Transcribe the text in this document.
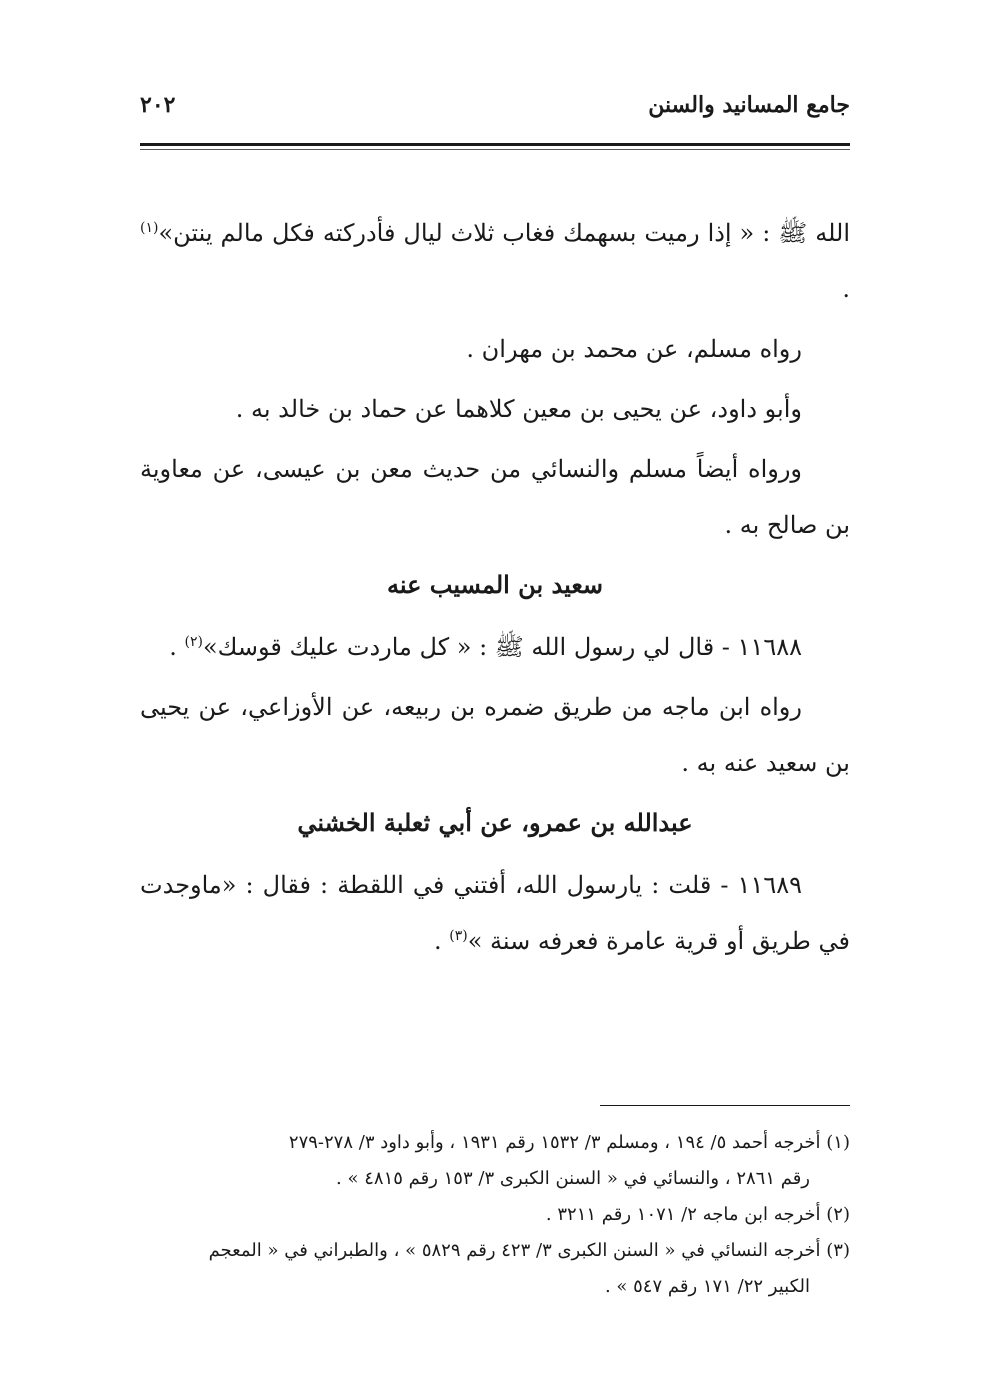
جامع المسانيد والسنن
٢٠٢

الله ﷺ : « إذا رميت بسهمك فغاب ثلاث ليال فأدركته فكل مالم ينتن»$^{(١)}$ .

رواه مسلم، عن محمد بن مهران .

وأبو داود، عن يحيى بن معين كلاهما عن حماد بن خالد به .

ورواه أيضاً مسلم والنسائي من حديث معن بن عيسى، عن معاوية بن صالح به .

سعيد بن المسيب عنه

١١٦٨٨ - قال لي رسول الله ﷺ : « كل ماردت عليك قوسك»$^{(٢)}$ .

رواه ابن ماجه من طريق ضمره بن ربيعه، عن الأوزاعي، عن يحيى بن سعيد عنه به .

عبدالله بن عمرو، عن أبي ثعلبة الخشني

١١٦٨٩ - قلت : يارسول الله، أفتني في اللقطة : فقال : «ماوجدت في طريق أو قرية عامرة فعرفه سنة »$^{(٣)}$ .

(١) أخرجه أحمد ٥/ ١٩٤ ، ومسلم ٣/ ١٥٣٢ رقم ١٩٣١ ، وأبو داود ٣/ ٢٧٨-٢٧٩

رقم ٢٨٦١ ، والنسائي في « السنن الكبرى ٣/ ١٥٣ رقم ٤٨١٥ » .

(٢) أخرجه ابن ماجه ٢/ ١٠٧١ رقم ٣٢١١ .

(٣) أخرجه النسائي في « السنن الكبرى ٣/ ٤٢٣ رقم ٥٨٢٩ » ، والطبراني في « المعجم

الكبير ٢٢/ ١٧١ رقم ٥٤٧ » .
